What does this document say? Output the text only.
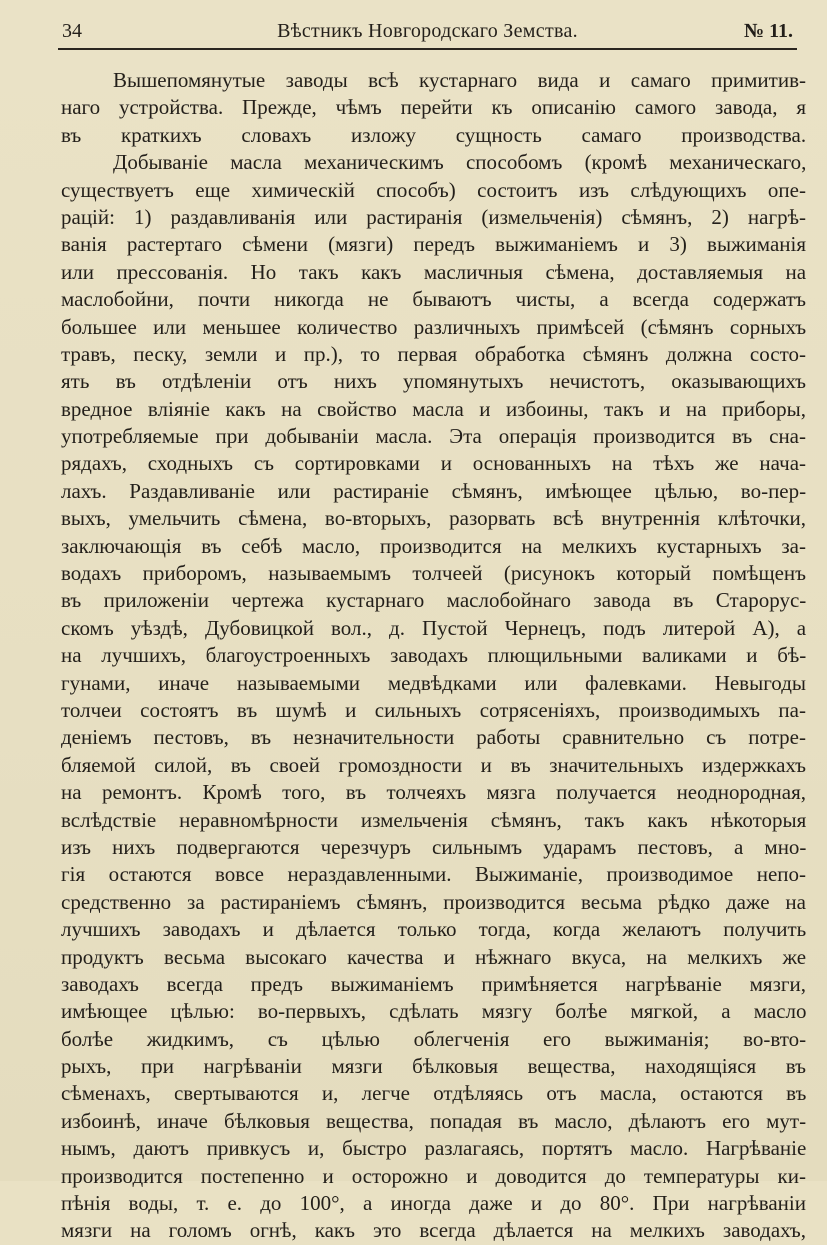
34	Вѣстникъ Новгородскаго Земства.	№ 11.
Вышепомянутые заводы всѣ кустарнаго вида и самаго примитив-
наго устройства. Прежде, чѣмъ перейти къ описанію самого завода, я
въ краткихъ словахъ изложу сущность самаго производства.
Добываніе масла механическимъ способомъ (кромѣ механическаго,
существуетъ еще химическій способъ) состоитъ изъ слѣдующихъ опе-
рацій: 1) раздавливанія или растиранія (измельченія) сѣмянъ, 2) нагрѣ-
ванія растертаго сѣмени (мязги) передъ выжиманіемъ и 3) выжиманія
или прессованія. Но такъ какъ масличныя сѣмена, доставляемыя на
маслобойни, почти никогда не бываютъ чисты, а всегда содержатъ
большее или меньшее количество различныхъ примѣсей (сѣмянъ сорныхъ
травъ, песку, земли и пр.), то первая обработка сѣмянъ должна состо-
ять въ отдѣленіи отъ нихъ упомянутыхъ нечистотъ, оказывающихъ
вредное вліяніе какъ на свойство масла и избоины, такъ и на приборы,
употребляемые при добываніи масла. Эта операція производится въ сна-
рядахъ, сходныхъ съ сортировками и основанныхъ на тѣхъ же нача-
лахъ. Раздавливаніе или растираніе сѣмянъ, имѣющее цѣлью, во-пер-
выхъ, умельчить сѣмена, во-вторыхъ, разорвать всѣ внутреннія клѣточки,
заключающія въ себѣ масло, производится на мелкихъ кустарныхъ за-
водахъ приборомъ, называемымъ толчеей (рисунокъ который помѣщенъ
въ приложеніи чертежа кустарнаго маслобойнаго завода въ Старорус-
скомъ уѣздѣ, Дубовицкой вол., д. Пустой Чернецъ, подъ литерой А), а
на лучшихъ, благоустроенныхъ заводахъ плющильными валиками и бѣ-
гунами, иначе называемыми медвѣдками или фалевками. Невыгоды
толчеи состоятъ въ шумѣ и сильныхъ сотрясеніяхъ, производимыхъ па-
деніемъ пестовъ, въ незначительности работы сравнительно съ потре-
бляемой силой, въ своей громоздности и въ значительныхъ издержкахъ
на ремонтъ. Кромѣ того, въ толчеяхъ мязга получается неоднородная,
вслѣдствіе неравномѣрности измельченія сѣмянъ, такъ какъ нѣкоторыя
изъ нихъ подвергаются черезчуръ сильнымъ ударамъ пестовъ, а мно-
гія остаются вовсе нераздавленными. Выжиманіе, производимое непо-
средственно за растираніемъ сѣмянъ, производится весьма рѣдко даже на
лучшихъ заводахъ и дѣлается только тогда, когда желаютъ получить
продуктъ весьма высокаго качества и нѣжнаго вкуса, на мелкихъ же
заводахъ всегда предъ выжиманіемъ примѣняется нагрѣваніе мязги,
имѣющее цѣлью: во-первыхъ, сдѣлать мязгу болѣе мягкой, а масло
болѣе жидкимъ, съ цѣлью облегченія его выжиманія; во-вто-
рыхъ, при нагрѣваніи мязги бѣлковыя вещества, находящіяся въ
сѣменахъ, свертываются и, легче отдѣляясь отъ масла, остаются въ
избоинѣ, иначе бѣлковыя вещества, попадая въ масло, дѣлаютъ его мут-
нымъ, даютъ привкусъ и, быстро разлагаясь, портятъ масло. Нагрѣваніе
производится постепенно и осторожно и доводится до температуры ки-
пѣнія воды, т. е. до 100°, а иногда даже и до 80°. При нагрѣваніи
мязги на голомъ огнѣ, какъ это всегда дѣлается на мелкихъ заводахъ,
